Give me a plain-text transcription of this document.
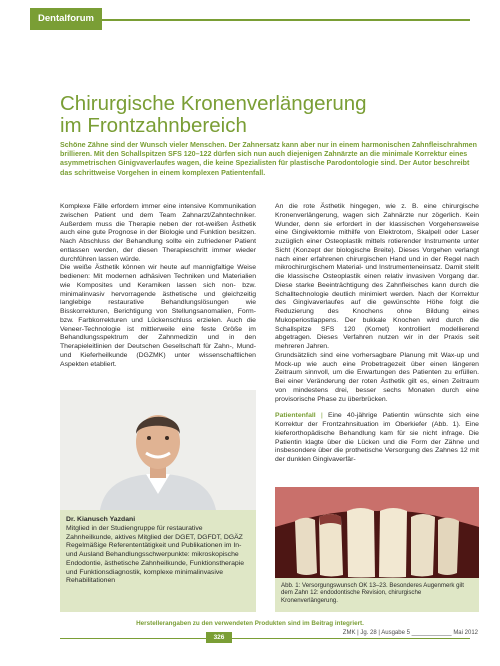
Dentalforum
Chirurgische Kronenverlängerung
im Frontzahnbereich

Schöne Zähne sind der Wunsch vieler Menschen. Der Zahnersatz kann aber nur in einem harmonischen Zahnfleischrahmen brillieren. Mit den Schallspitzen SFS 120–122 dürfen sich nun auch diejenigen Zahnärzte an die minimale Korrektur eines asymmetrischen Ginigvaverlaufes wagen, die keine Spezialisten für plastische Parodontologie sind. Der Autor beschreibt das schrittweise Vorgehen in einem komplexen Patientenfall.

Komplexe Fälle erfordern immer eine intensive Kommunikation zwischen Patient und dem Team Zahnarzt/Zahntechniker. Außerdem muss die Therapie neben der rot-weißen Ästhetik auch eine gute Prognose in der Biologie und Funktion besitzen. Nach Abschluss der Behandlung sollte ein zufriedener Patient entlassen werden, der diesen Therapieschritt immer wieder durchführen lassen würde.

Die weiße Ästhetik können wir heute auf mannigfaltige Weise bedienen: Mit modernen adhäsiven Techniken und Materialien wie Komposites und Keramiken lassen sich non- bzw. minimalinvasiv hervorragende ästhetische und gleichzeitig langlebige restaurative Behandlungslösungen wie Bisskorrekturen, Berichtigung von Stellungsanomalien, Form- bzw. Farbkorrekturen und Lückenschluss erzielen. Auch die Veneer-Technologie ist mittlerweile eine feste Größe im Behandlungsspektrum der Zahnmedizin und in den Therapieleitlinien der Deutschen Gesellschaft für Zahn-, Mund- und Kieferheilkunde (DGZMK) unter wissenschaftlichen Aspekten etabliert.

Dr. Kianusch Yazdani
Mitglied in der Studiengruppe für restaurative Zahnheilkunde, aktives Mitglied der DGET, DGFDT, DGÄZ Regelmäßige Referententätigkeit und Publikationen im In- und Ausland Behandlungsschwerpunkte: mikroskopische Endodontie, ästhetische Zahnheilkunde, Funktionstherapie und Funktionsdiagnostik, komplexe minimalinvasive Rehabilitationen

An die rote Ästhetik hingegen, wie z. B. eine chirurgische Kronenverlängerung, wagen sich Zahnärzte nur zögerlich. Kein Wunder, denn sie erfordert in der klassischen Vorgehensweise eine Gingivektomie mithilfe von Elektrotom, Skalpell oder Laser zuzüglich einer Osteoplastik mittels rotierender Instrumente unter Sicht (Konzept der biologische Breite). Dieses Vorgehen verlangt nach einer erfahrenen chirurgischen Hand und in der Regel nach mikrochirurgischem Material- und Instrumenteneinsatz. Damit stellt die klassische Osteoplastik einen relativ invasiven Vorgang dar. Diese starke Beeinträchtigung des Zahnfleisches kann durch die Schalltechnologie deutlich minimiert werden. Nach der Korrektur des Gingivaverlaufes auf die gewünschte Höhe folgt die Reduzierung des Knochens ohne Bildung eines Mukoperiostlappens. Der bukkale Knochen wird durch die Schallspitze SFS 120 (Komet) kontrolliert modellierend abgetragen. Dieses Verfahren nutzen wir in der Praxis seit mehreren Jahren.

Grundsätzlich sind eine vorhersagbare Planung mit Wax-up und Mock-up wie auch eine Probetragezeit über einen längeren Zeitraum sinnvoll, um die Erwartungen des Patienten zu erfüllen. Bei einer Veränderung der roten Ästhetik gilt es, einen Zeitraum von mindestens drei, besser sechs Monaten durch eine provisorische Phase zu überbrücken.

Patientenfall | Eine 40-jährige Patientin wünschte sich eine Korrektur der Frontzahnsituation im Oberkiefer (Abb. 1). Eine kieferorthopädische Behandlung kam für sie nicht infrage. Die Patientin klagte über die Lücken und die Form der Zähne und insbesondere über die prothetische Versorgung des Zahnes 12 mit der dunklen Gingivaverfär-

Abb. 1: Versorgungswunsch OK 13–23. Besonderes Augenmerk gilt dem Zahn 12: endodontische Revision, chirurgische Kronenverlängerung.
Herstellerangaben zu den verwendeten Produkten sind im Beitrag integriert.
326
ZMK | Jg. 28 | Ausgabe 5 ____________ Mai 2012
